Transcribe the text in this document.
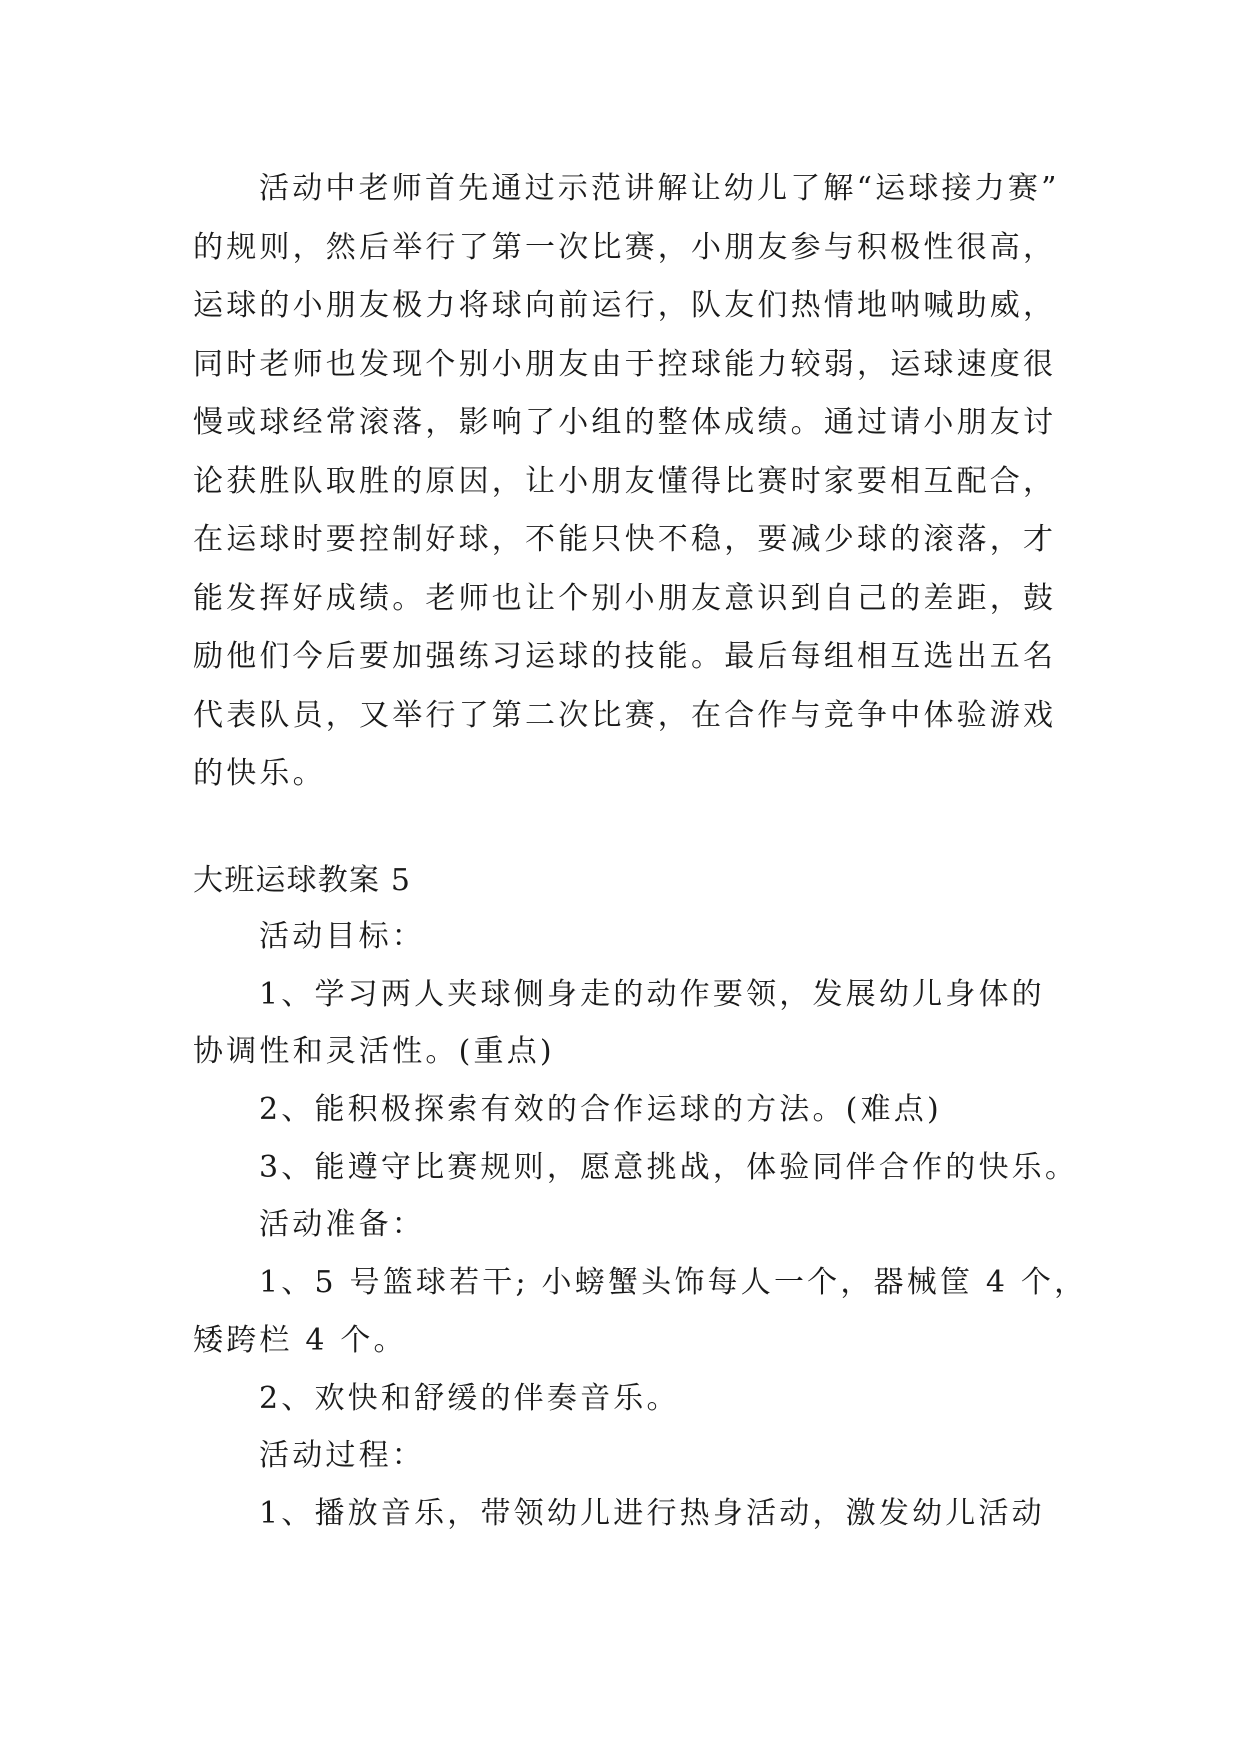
活动中老师首先通过示范讲解让幼儿了解“运球接力赛”
的规则，然后举行了第一次比赛，小朋友参与积极性很高，
运球的小朋友极力将球向前运行，队友们热情地呐喊助威，
同时老师也发现个别小朋友由于控球能力较弱，运球速度很
慢或球经常滚落，影响了小组的整体成绩。通过请小朋友讨
论获胜队取胜的原因，让小朋友懂得比赛时家要相互配合，
在运球时要控制好球，不能只快不稳，要减少球的滚落，才
能发挥好成绩。老师也让个别小朋友意识到自己的差距，鼓
励他们今后要加强练习运球的技能。最后每组相互选出五名
代表队员，又举行了第二次比赛，在合作与竞争中体验游戏
的快乐。
大班运球教案 5
活动目标：
1、学习两人夹球侧身走的动作要领，发展幼儿身体的
协调性和灵活性。(重点)
2、能积极探索有效的合作运球的方法。(难点)
3、能遵守比赛规则，愿意挑战，体验同伴合作的快乐。
活动准备：
1、5 号篮球若干; 小螃蟹头饰每人一个，器械筐 4 个，
矮跨栏 4 个。
2、欢快和舒缓的伴奏音乐。
活动过程：
1、播放音乐，带领幼儿进行热身活动，激发幼儿活动
